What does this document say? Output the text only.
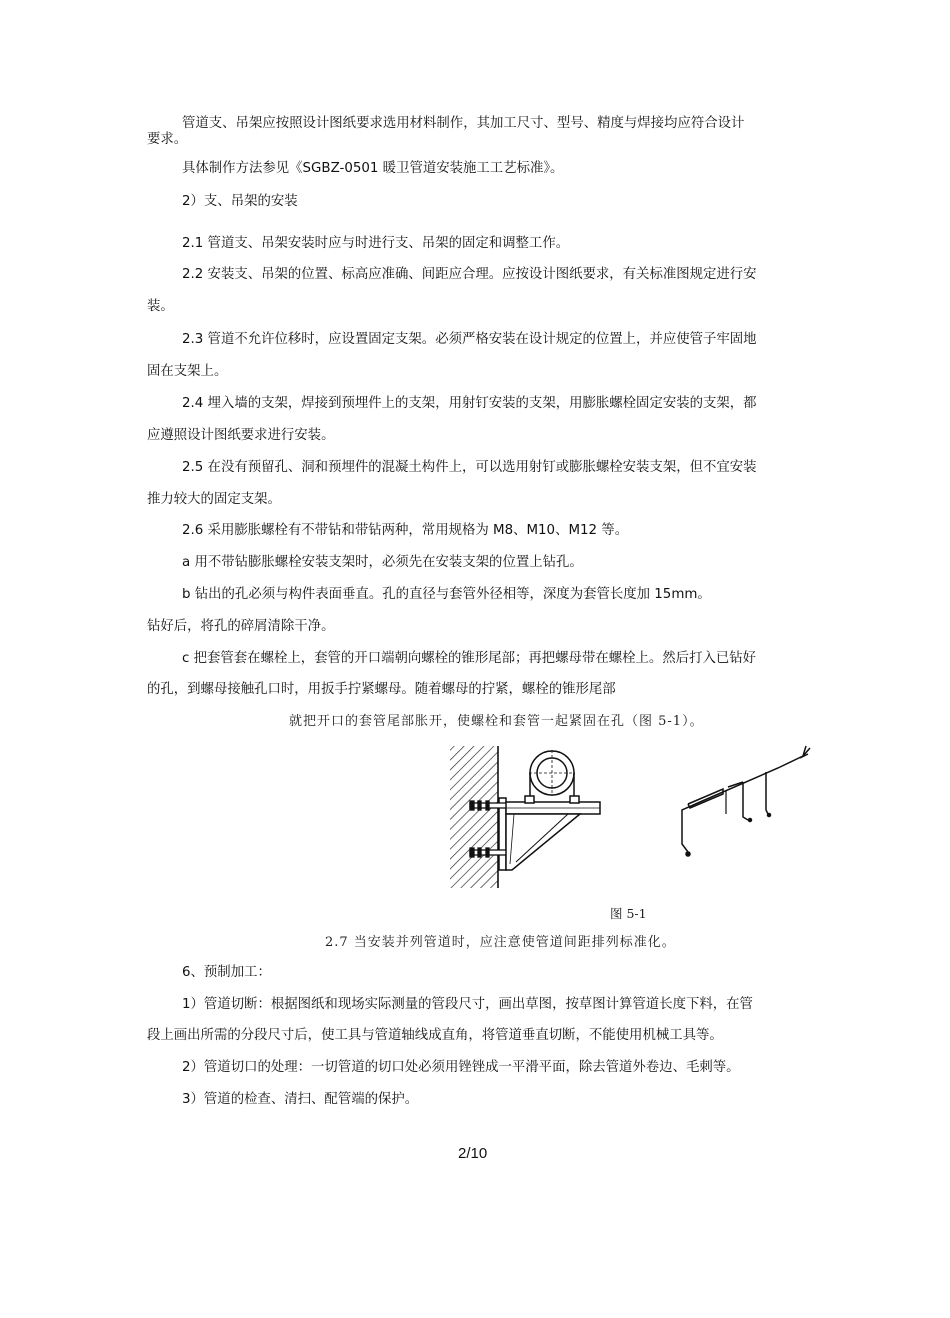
管道支、吊架应按照设计图纸要求选用材料制作，其加工尺寸、型号、精度与焊接均应符合设计
要求。
具体制作方法参见《SGBZ-0501 暖卫管道安装施工工艺标准》。
2）支、吊架的安装
2.1 管道支、吊架安装时应与时进行支、吊架的固定和调整工作。
2.2 安装支、吊架的位置、标高应准确、间距应合理。应按设计图纸要求，有关标准图规定进行安
装。
2.3 管道不允许位移时，应设置固定支架。必须严格安装在设计规定的位置上，并应使管子牢固地
固在支架上。
2.4 埋入墙的支架，焊接到预埋件上的支架，用射钉安装的支架，用膨胀螺栓固定安装的支架，都
应遵照设计图纸要求进行安装。
2.5 在没有预留孔、洞和预埋件的混凝土构件上，可以选用射钉或膨胀螺栓安装支架，但不宜安装
推力较大的固定支架。
2.6 采用膨胀螺栓有不带钻和带钻两种，常用规格为 M8、M10、M12 等。
a 用不带钻膨胀螺栓安装支架时，必须先在安装支架的位置上钻孔。
b 钻出的孔必须与构件表面垂直。孔的直径与套管外径相等，深度为套管长度加 15mm。
钻好后，将孔的碎屑清除干净。
c 把套管套在螺栓上，套管的开口端朝向螺栓的锥形尾部；再把螺母带在螺栓上。然后打入已钻好
的孔，到螺母接触孔口时，用扳手拧紧螺母。随着螺母的拧紧，螺栓的锥形尾部
就把开口的套管尾部胀开，使螺栓和套管一起紧固在孔（图 5-1）。
图 5-1
2.7 当安装并列管道时，应注意使管道间距排列标准化。
6、预制加工：
1）管道切断：根据图纸和现场实际测量的管段尺寸，画出草图，按草图计算管道长度下料，在管
段上画出所需的分段尺寸后，使工具与管道轴线成直角，将管道垂直切断，不能使用机械工具等。
2）管道切口的处理：一切管道的切口处必须用锉锉成一平滑平面，除去管道外卷边、毛刺等。
3）管道的检查、清扫、配管端的保护。
2/10
